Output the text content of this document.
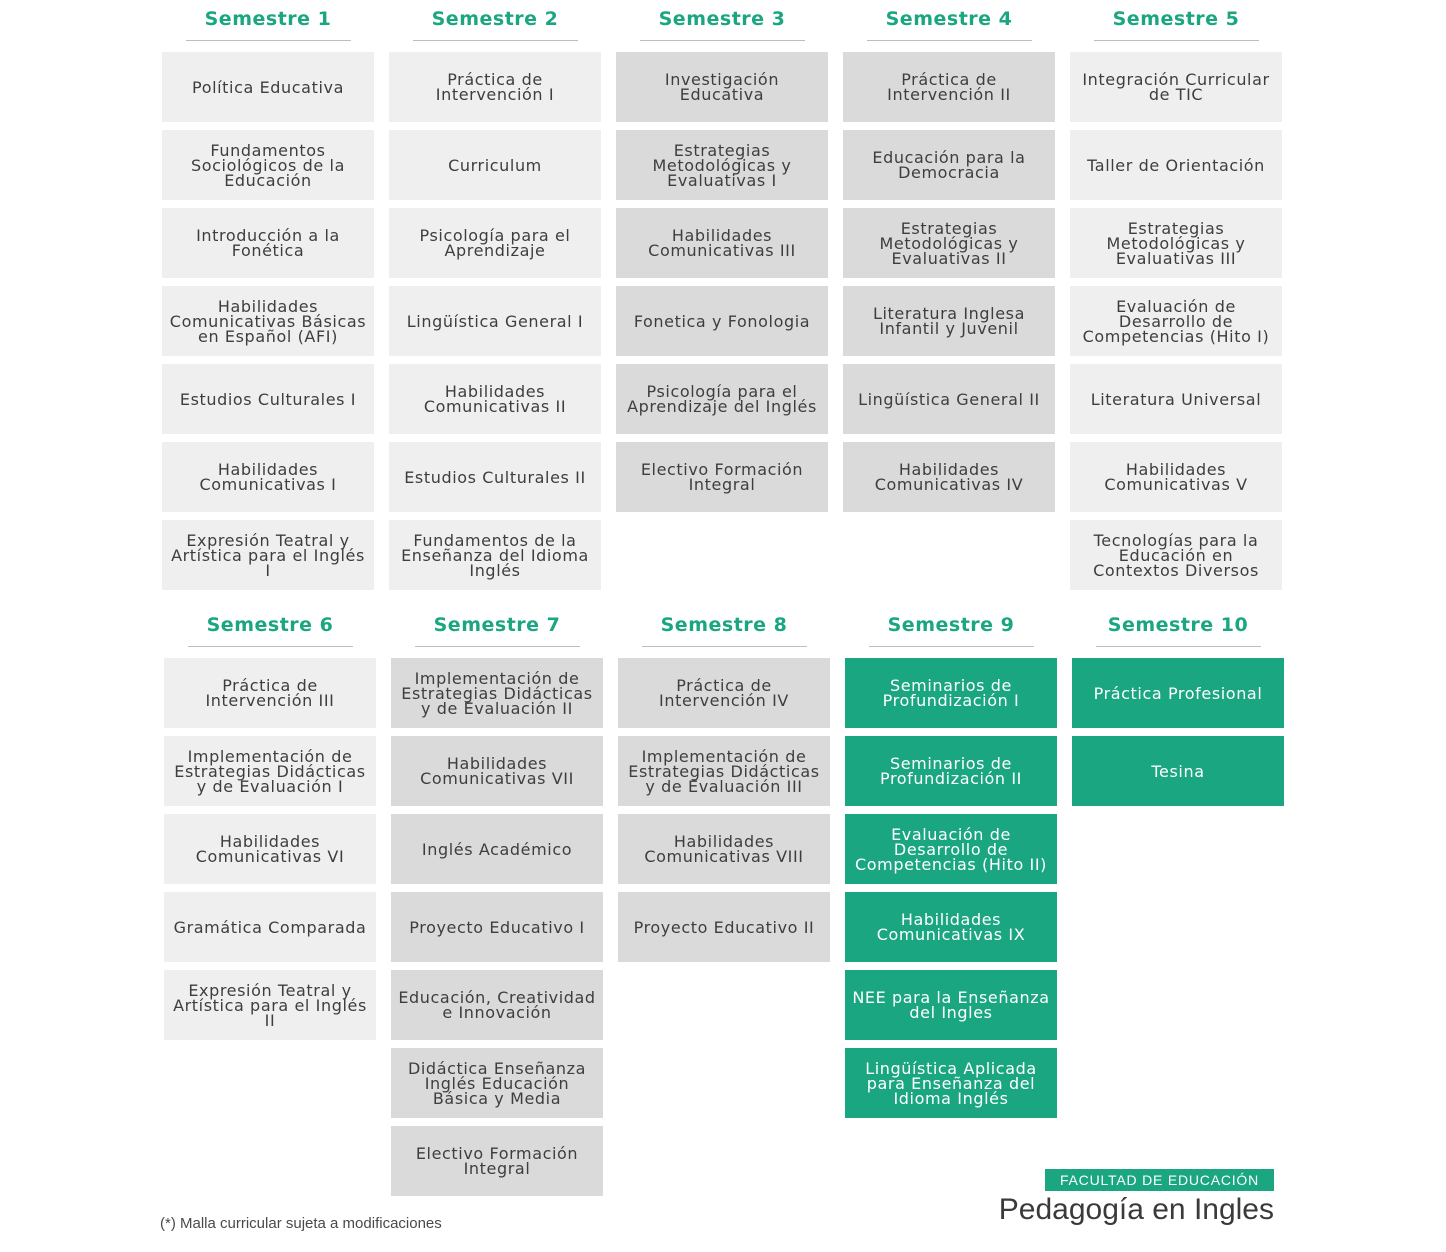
Semestre 1
Política Educativa
Fundamentos Sociológicos de la Educación
Introducción a la Fonética
Habilidades Comunicativas Básicas en Español (AFI)
Estudios Culturales I
Habilidades Comunicativas I
Expresión Teatral y Artística para el Inglés I
Semestre 2
Práctica de Intervención I
Curriculum
Psicología para el Aprendizaje
Lingüística General I
Habilidades Comunicativas II
Estudios Culturales II
Fundamentos de la Enseñanza del Idioma Inglés
Semestre 3
Investigación Educativa
Estrategias Metodológicas y Evaluativas I
Habilidades Comunicativas III
Fonetica y Fonologia
Psicología para el Aprendizaje del Inglés
Electivo Formación Integral
Semestre 4
Práctica de Intervención II
Educación para la Democracia
Estrategias Metodológicas y Evaluativas II
Literatura Inglesa Infantil y Juvenil
Lingüística General II
Habilidades Comunicativas IV
Semestre 5
Integración Curricular de TIC
Taller de Orientación
Estrategias Metodológicas y Evaluativas III
Evaluación de Desarrollo de Competencias (Hito I)
Literatura Universal
Habilidades Comunicativas V
Tecnologías para la Educación en Contextos Diversos
Semestre 6
Práctica de Intervención III
Implementación de Estrategias Didácticas y de Evaluación I
Habilidades Comunicativas VI
Gramática Comparada
Expresión Teatral y Artística para el Inglés II
Semestre 7
Implementación de Estrategias Didácticas y de Evaluación II
Habilidades Comunicativas VII
Inglés Académico
Proyecto Educativo I
Educación, Creatividad e Innovación
Didáctica Enseñanza Inglés Educación Básica y Media
Electivo Formación Integral
Semestre 8
Práctica de Intervención IV
Implementación de Estrategias Didácticas y de Evaluación III
Habilidades Comunicativas VIII
Proyecto Educativo II
Semestre 9
Seminarios de Profundización I
Seminarios de Profundización II
Evaluación de Desarrollo de Competencias (Hito II)
Habilidades Comunicativas IX
NEE para la Enseñanza del Ingles
Lingüística Aplicada para Enseñanza del Idioma Inglés
Semestre 10
Práctica Profesional
Tesina
(*) Malla curricular sujeta a modificaciones
FACULTAD DE EDUCACIÓN
Pedagogía en Ingles
